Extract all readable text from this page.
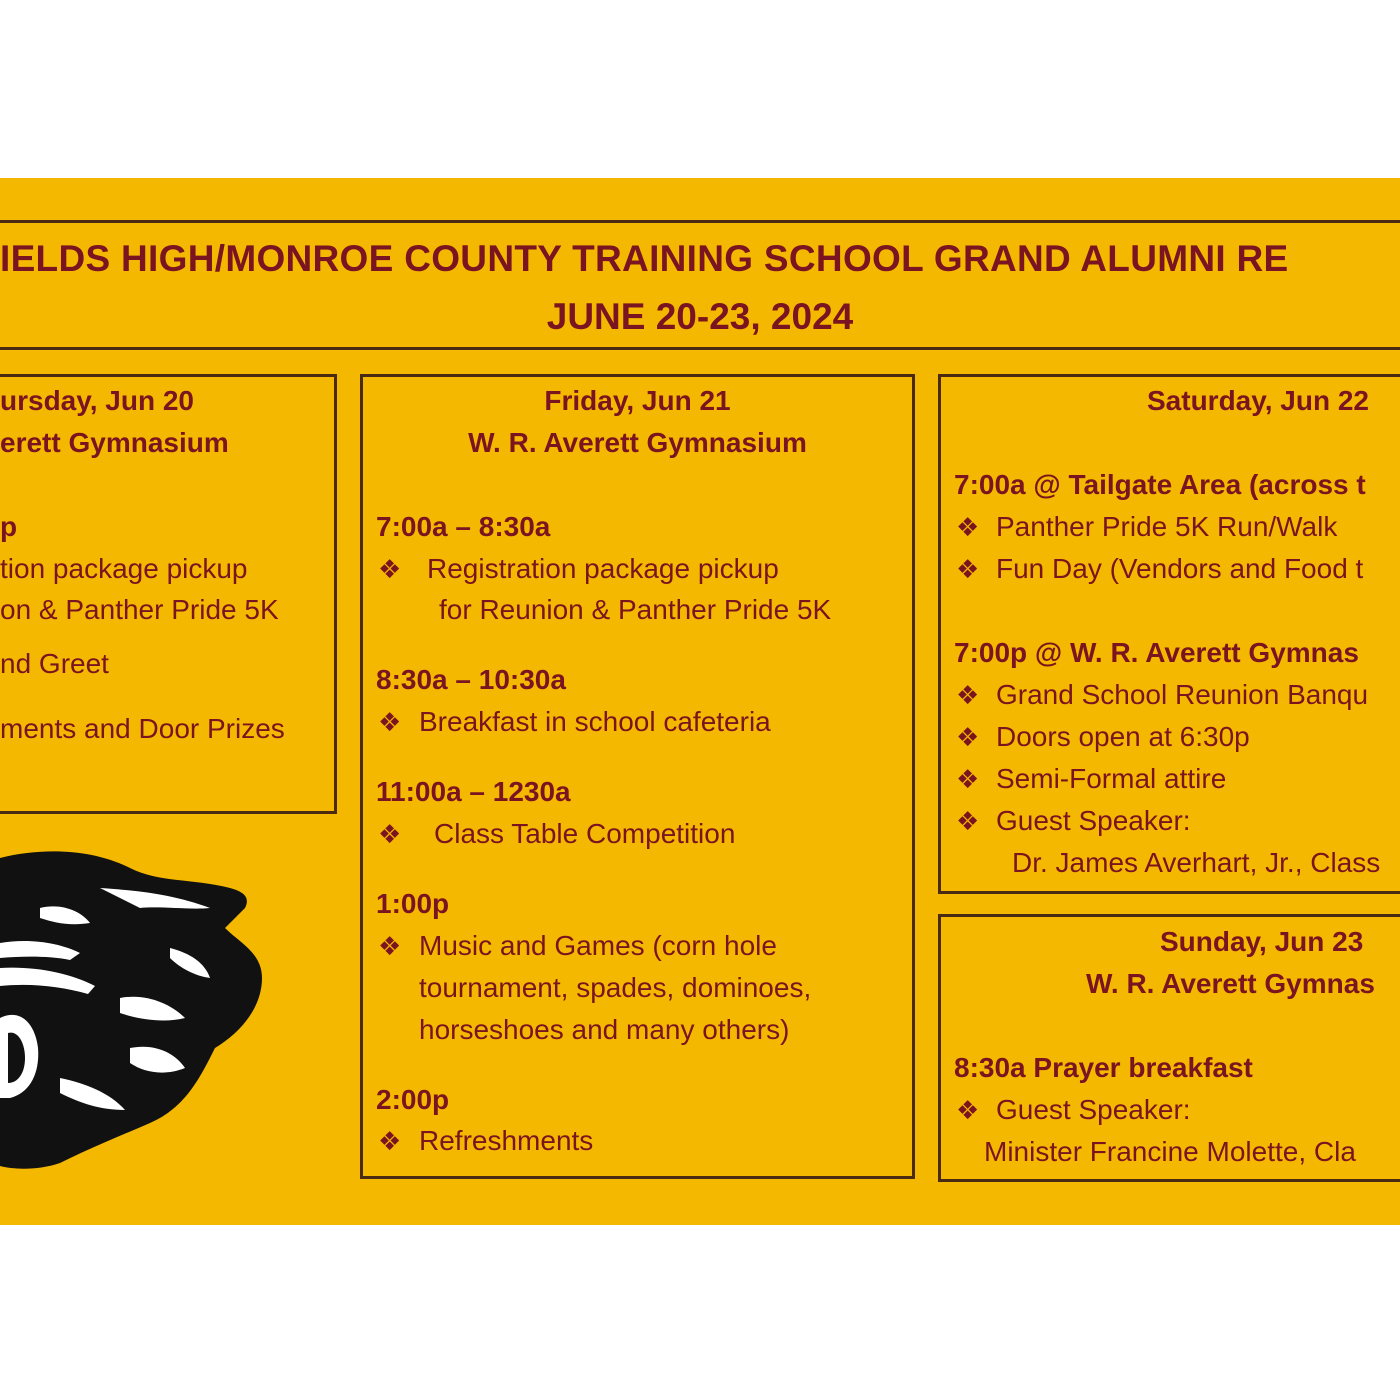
IELDS HIGH/MONROE COUNTY TRAINING SCHOOL GRAND ALUMNI RE
JUNE 20-23, 2024
ursday, Jun 20
erett Gymnasium
p
tion package pickup
on & Panther Pride 5K
nd Greet
ments and Door Prizes
Friday, Jun 21
W. R. Averett Gymnasium
7:00a – 8:30a
❖ Registration package pickup
for Reunion & Panther Pride 5K
8:30a – 10:30a
❖ Breakfast in school cafeteria
11:00a – 1230a
❖ Class Table Competition
1:00p
❖ Music and Games (corn hole
tournament, spades, dominoes,
horseshoes and many others)
2:00p
❖ Refreshments
Saturday, Jun 22
7:00a @ Tailgate Area (across t
❖ Panther Pride 5K Run/Walk
❖ Fun Day (Vendors and Food t
7:00p @ W. R. Averett Gymnas
❖ Grand School Reunion Banqu
❖ Doors open at 6:30p
❖ Semi-Formal attire
❖ Guest Speaker:
Dr. James Averhart, Jr., Class
Sunday, Jun 23
W. R. Averett Gymnas
8:30a Prayer breakfast
❖ Guest Speaker:
Minister Francine Molette, Cla
